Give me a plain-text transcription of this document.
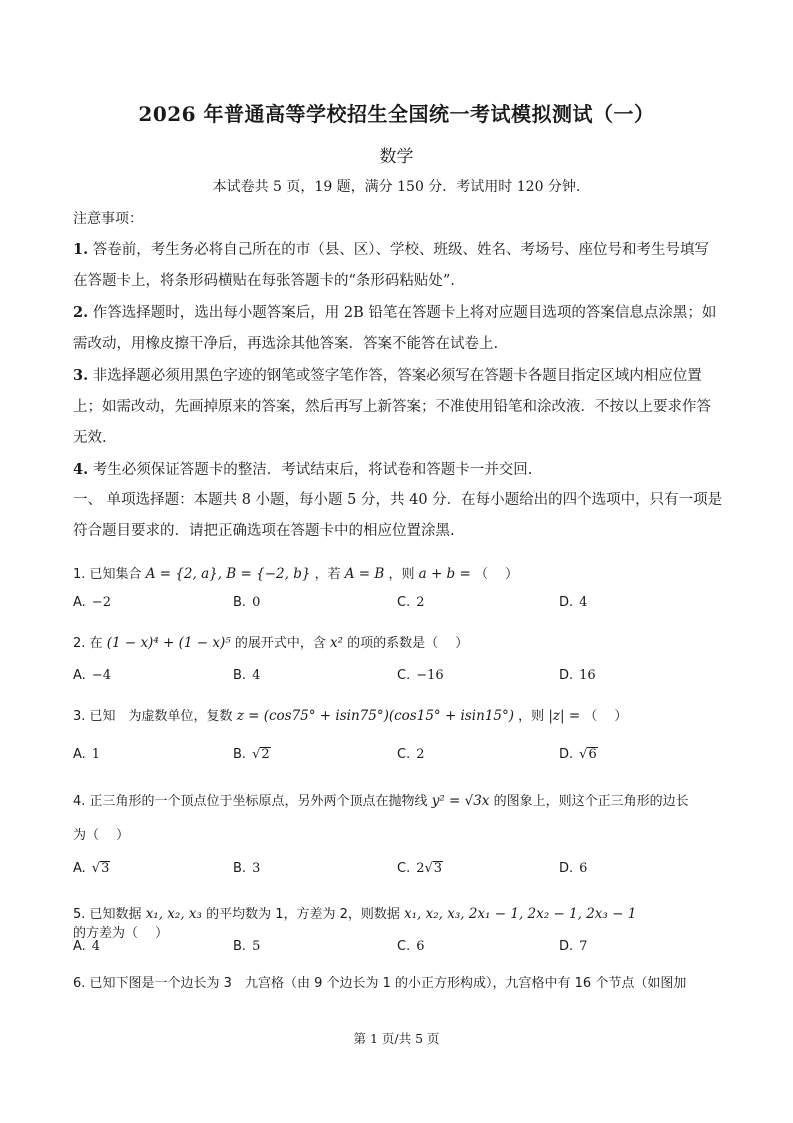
2026 年普通高等学校招生全国统一考试模拟测试（一）
数学
本试卷共 5 页，19 题，满分 150 分．考试用时 120 分钟.
注意事项：
1. 答卷前，考生务必将自己所在的市（县、区）、学校、班级、姓名、考场号、座位号和考生号填写在答题卡上，将条形码横贴在每张答题卡的“条形码粘贴处”．
2. 作答选择题时，选出每小题答案后，用 2B 铅笔在答题卡上将对应题目选项的答案信息点涂黑；如需改动，用橡皮擦干净后，再选涂其他答案．答案不能答在试卷上.
3. 非选择题必须用黑色字迹的钢笔或签字笔作答，答案必须写在答题卡各题目指定区域内相应位置上；如需改动，先画掉原来的答案，然后再写上新答案；不准使用铅笔和涂改液．不按以上要求作答无效.
4. 考生必须保证答题卡的整洁．考试结束后，将试卷和答题卡一并交回.
一、 单项选择题：本题共 8 小题，每小题 5 分，共 40 分．在每小题给出的四个选项中，只有一项是符合题目要求的．请把正确选项在答题卡中的相应位置涂黑.
1. 已知集合 A = {2, a}, B = {−2, b} ，若 A = B ，则 a + b = （　 ）
A. −2	B. 0	C. 2	D. 4
2. 在 (1 − x)⁴ + (1 − x)⁵ 的展开式中，含 x² 的项的系数是（　 ）
A. −4	B. 4	C. −16	D. 16
3. 已知　为虚数单位，复数 z = (cos75° + isin75°)(cos15° + isin15°) ，则 |z| = （　 ）
A. 1	B. √2	C. 2	D. √6
4. 正三角形的一个顶点位于坐标原点，另外两个顶点在抛物线 y² = √3x 的图象上，则这个正三角形的边长
为（　 ）
A. √3	B. 3	C. 2√3	D. 6
5. 已知数据 x₁, x₂, x₃ 的平均数为 1，方差为 2，则数据 x₁, x₂, x₃, 2x₁ − 1, 2x₂ − 1, 2x₃ − 1 的方差为（　 ）
A. 4	B. 5	C. 6	D. 7
6. 已知下图是一个边长为 3　九宫格（由 9 个边长为 1 的小正方形构成），九宫格中有 16 个节点（如图加
第 1 页/共 5 页
